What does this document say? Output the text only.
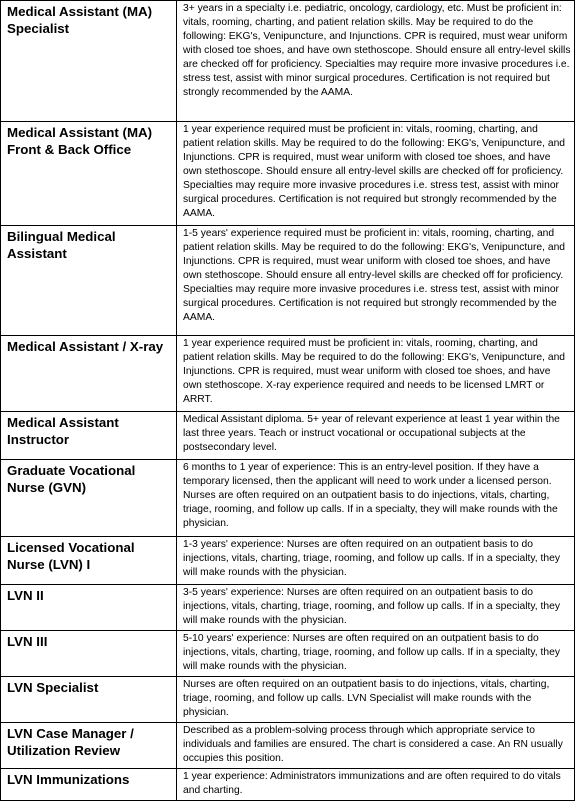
Medical Assistant (MA) Specialist	3+ years in a specialty i.e. pediatric, oncology, cardiology, etc. Must be proficient in: vitals, rooming, charting, and patient relation skills. May be required to do the following: EKG's, Venipuncture, and Injunctions. CPR is required, must wear uniform with closed toe shoes, and have own stethoscope. Should ensure all entry-level skills are checked off for proficiency. Specialties may require more invasive procedures i.e. stress test, assist with minor surgical procedures. Certification is not required but strongly recommended by the AAMA.
Medical Assistant (MA) Front & Back Office	1 year experience required must be proficient in: vitals, rooming, charting, and patient relation skills. May be required to do the following: EKG's, Venipuncture, and Injunctions. CPR is required, must wear uniform with closed toe shoes, and have own stethoscope. Should ensure all entry-level skills are checked off for proficiency. Specialties may require more invasive procedures i.e. stress test, assist with minor surgical procedures. Certification is not required but strongly recommended by the AAMA.
Bilingual Medical Assistant	1-5 years' experience required must be proficient in: vitals, rooming, charting, and patient relation skills. May be required to do the following: EKG's, Venipuncture, and Injunctions. CPR is required, must wear uniform with closed toe shoes, and have own stethoscope. Should ensure all entry-level skills are checked off for proficiency. Specialties may require more invasive procedures i.e. stress test, assist with minor surgical procedures. Certification is not required but strongly recommended by the AAMA.
Medical Assistant / X-ray	1 year experience required must be proficient in: vitals, rooming, charting, and patient relation skills. May be required to do the following: EKG's, Venipuncture, and Injunctions. CPR is required, must wear uniform with closed toe shoes, and have own stethoscope. X-ray experience required and needs to be licensed LMRT or ARRT.
Medical Assistant Instructor	Medical Assistant diploma. 5+ year of relevant experience at least 1 year within the last three years. Teach or instruct vocational or occupational subjects at the postsecondary level.
Graduate Vocational Nurse (GVN)	6 months to 1 year of experience: This is an entry-level position. If they have a temporary licensed, then the applicant will need to work under a licensed person. Nurses are often required on an outpatient basis to do injections, vitals, charting, triage, rooming, and follow up calls. If in a specialty, they will make rounds with the physician.
Licensed Vocational Nurse (LVN) I	1-3 years' experience: Nurses are often required on an outpatient basis to do injections, vitals, charting, triage, rooming, and follow up calls. If in a specialty, they will make rounds with the physician.
LVN II	3-5 years' experience: Nurses are often required on an outpatient basis to do injections, vitals, charting, triage, rooming, and follow up calls. If in a specialty, they will make rounds with the physician.
LVN III	5-10 years' experience: Nurses are often required on an outpatient basis to do injections, vitals, charting, triage, rooming, and follow up calls. If in a specialty, they will make rounds with the physician.
LVN Specialist	Nurses are often required on an outpatient basis to do injections, vitals, charting, triage, rooming, and follow up calls. LVN Specialist will make rounds with the physician.
LVN Case Manager / Utilization Review	Described as a problem-solving process through which appropriate service to individuals and families are ensured. The chart is considered a case. An RN usually occupies this position.
LVN Immunizations	1 year experience: Administrators immunizations and are often required to do vitals and charting.
